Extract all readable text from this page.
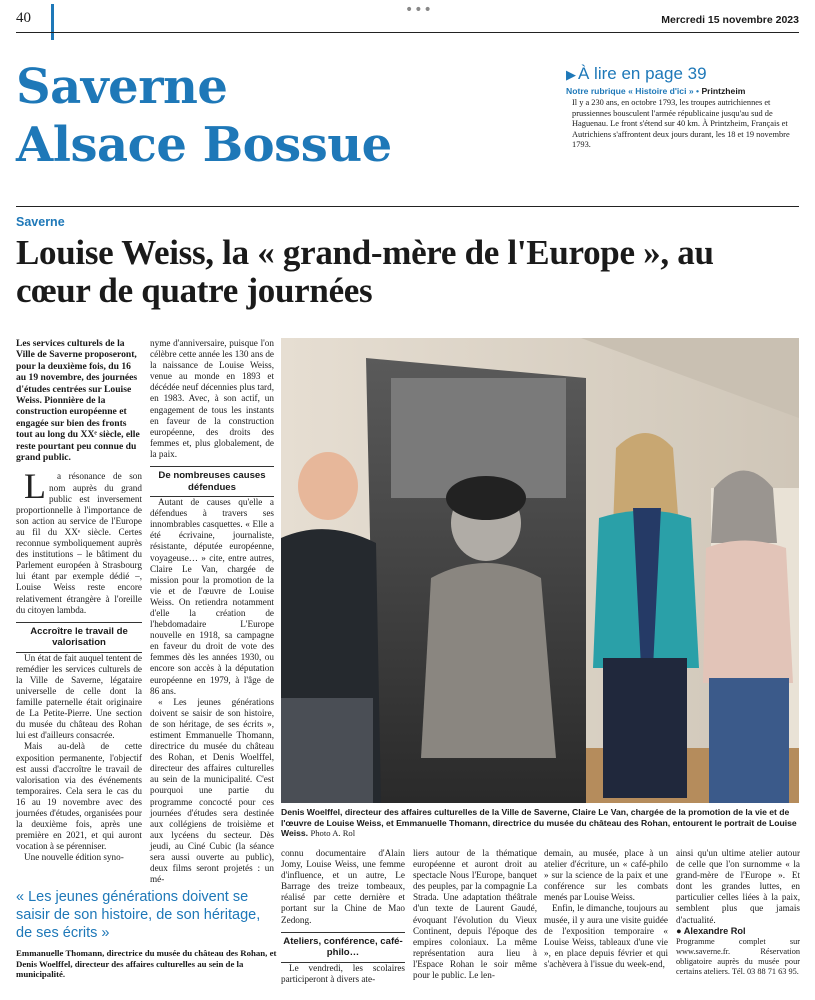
40	•••
Mercredi 15 novembre 2023
Saverne
Alsace Bossue
▶ À lire en page 39
Notre rubrique « Histoire d'ici » • Printzheim
Il y a 230 ans, en octobre 1793, les troupes autrichiennes et prussiennes bousculent l'armée républicaine jusqu'au sud de Haguenau. Le front s'étend sur 40 km. À Printzheim, Français et Autrichiens s'affrontent deux jours durant, les 18 et 19 novembre 1793.
Saverne
Louise Weiss, la « grand-mère de l'Europe », au cœur de quatre journées

Les services culturels de la Ville de Saverne proposeront, pour la deuxième fois, du 16 au 19 novembre, des journées d'études centrées sur Louise Weiss. Pionnière de la construction européenne et engagée sur bien des fronts tout au long du XXᵉ siècle, elle reste pourtant peu connue du grand public.

La résonance de son nom auprès du grand public est inversement proportionnelle à l'importance de son action au service de l'Europe au fil du XXᵉ siècle. Certes reconnue symboliquement auprès des institutions – le bâtiment du Parlement européen à Strasbourg lui étant par exemple dédié –, Louise Weiss reste encore relativement étrangère à l'oreille du citoyen lambda.

Accroître le travail de valorisation

Un état de fait auquel tentent de remédier les services culturels de la Ville de Saverne, légataire universelle de celle dont la famille paternelle était originaire de La Petite-Pierre. Une section du musée du château des Rohan lui est d'ailleurs consacrée.

Mais au-delà de cette exposition permanente, l'objectif est aussi d'accroître le travail de valorisation via des événements temporaires. Cela sera le cas du 16 au 19 novembre avec des journées d'études, organisées pour la deuxième fois, après une première en 2021, et qui auront vocation à se pérenniser.

Une nouvelle édition syno-

nyme d'anniversaire, puisque l'on célèbre cette année les 130 ans de la naissance de Louise Weiss, venue au monde en 1893 et décédée neuf décennies plus tard, en 1983. Avec, à son actif, un engagement de tous les instants en faveur de la construction européenne, des droits des femmes et, plus globalement, de la paix.

De nombreuses causes défendues

Autant de causes qu'elle a défendues à travers ses innombrables casquettes. « Elle a été écrivaine, journaliste, résistante, députée européenne, voyageuse… » cite, entre autres, Claire Le Van, chargée de mission pour la promotion de la vie et de l'œuvre de Louise Weiss. On retiendra notamment d'elle la création de l'hebdomadaire L'Europe nouvelle en 1918, sa campagne en faveur du droit de vote des femmes dès les années 1930, ou encore son accès à la députation européenne en 1979, à l'âge de 86 ans.

« Les jeunes générations doivent se saisir de son histoire, de son héritage, de ses écrits », estiment Emmanuelle Thomann, directrice du musée du château des Rohan, et Denis Woelffel, directeur des affaires culturelles au sein de la municipalité. C'est pourquoi une partie du programme concocté pour ces journées d'études sera destinée aux collégiens de troisième et aux lycéens du secteur. Dès jeudi, au Ciné Cubic (la séance sera aussi ouverte au public), deux films seront projetés : un mé-

Denis Woelffel, directeur des affaires culturelles de la Ville de Saverne, Claire Le Van, chargée de la promotion de la vie et de l'œuvre de Louise Weiss, et Emmanuelle Thomann, directrice du musée du château des Rohan, entourent le portrait de Louise Weiss. Photo A. Rol

connu documentaire d'Alain Jomy, Louise Weiss, une femme d'influence, et un autre, Le Barrage des treize tombeaux, réalisé par cette dernière et portant sur la Chine de Mao Zedong.

Ateliers, conférence, café-philo…

Le vendredi, les scolaires participeront à divers ate-

liers autour de la thématique européenne et auront droit au spectacle Nous l'Europe, banquet des peuples, par la compagnie La Strada. Une adaptation théâtrale d'un texte de Laurent Gaudé, évoquant l'évolution du Vieux Continent, depuis l'époque des empires coloniaux. La même représentation aura lieu à l'Espace Rohan le soir même pour le public. Le len-

demain, au musée, place à un atelier d'écriture, un « café-philo » sur la science de la paix et une conférence sur les combats menés par Louise Weiss.

Enfin, le dimanche, toujours au musée, il y aura une visite guidée de l'exposition temporaire « Louise Weiss, tableaux d'une vie », en place depuis février et qui s'achèvera à l'issue du week-end,

ainsi qu'un ultime atelier autour de celle que l'on surnomme « la grand-mère de l'Europe ». Et dont les grandes luttes, en particulier celles liées à la paix, semblent plus que jamais d'actualité.

● Alexandre Rol

Programme complet sur www.saverne.fr. Réservation obligatoire auprès du musée pour certains ateliers. Tél. 03 88 71 63 95.

« Les jeunes générations doivent se saisir de son histoire, de son héritage, de ses écrits »
Emmanuelle Thomann, directrice du musée du château des Rohan, et Denis Woelffel, directeur des affaires culturelles au sein de la municipalité.
